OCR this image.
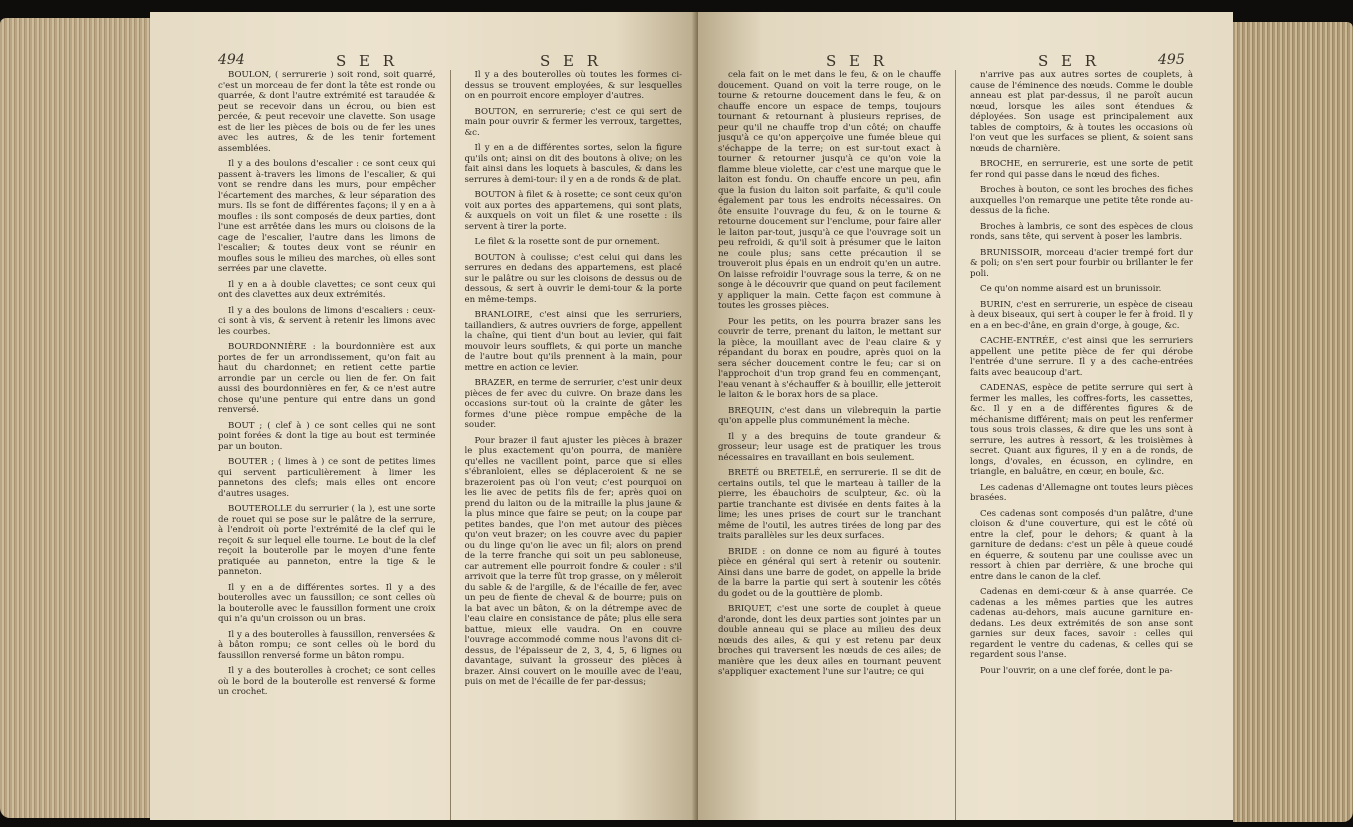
494	S E R	S E R

BOULON, ( serrurerie ) soit rond, soit quarré, c'est un morceau de fer dont la tête est ronde ou quarrée, & dont l'autre extrémité est taraudée & peut se recevoir dans un écrou, ou bien est percée, & peut recevoir une clavette. Son usage est de lier les pièces de bois ou de fer les unes avec les autres, & de les tenir fortement assemblées.

Il y a des boulons d'escalier : ce sont ceux qui passent à-travers les limons de l'escalier, & qui vont se rendre dans les murs, pour empêcher l'écartement des marches, & leur séparation des murs. Ils se font de différentes façons; il y en a à moufles : ils sont composés de deux parties, dont l'une est arrêtée dans les murs ou cloisons de la cage de l'escalier, l'autre dans les limons de l'escalier; & toutes deux vont se réunir en moufles sous le milieu des marches, où elles sont serrées par une clavette.

Il y en a à double clavettes; ce sont ceux qui ont des clavettes aux deux extrémités.

Il y a des boulons de limons d'escaliers : ceux-ci sont à vis, & servent à retenir les limons avec les courbes.

BOURDONNIÈRE : la bourdonnière est aux portes de fer un arrondissement, qu'on fait au haut du chardonnet; en retient cette partie arrondie par un cercle ou lien de fer. On fait aussi des bourdonnières en fer, & ce n'est autre chose qu'une penture qui entre dans un gond renversé.

BOUT ; ( clef à ) ce sont celles qui ne sont point forées & dont la tige au bout est terminée par un bouton.

BOUTER ; ( limes à ) ce sont de petites limes qui servent particulièrement à limer les pannetons des clefs; mais elles ont encore d'autres usages.

BOUTEROLLE du serrurier ( la ), est une sorte de rouet qui se pose sur le palâtre de la serrure, à l'endroit où porte l'extrémité de la clef qui le reçoit & sur lequel elle tourne. Le bout de la clef reçoit la bouterolle par le moyen d'une fente pratiquée au panneton, entre la tige & le panneton.

Il y en a de différentes sortes. Il y a des bouterolles avec un faussillon; ce sont celles où la bouterolle avec le faussillon forment une croix qui n'a qu'un croisson ou un bras.

Il y a des bouterolles à faussillon, renversées & à bâton rompu; ce sont celles où le bord du faussillon renversé forme un bâton rompu.

Il y a des bouterolles à crochet; ce sont celles où le bord de la bouterolle est renversé & forme un crochet.

Il y a des bouterolles où toutes les formes ci-dessus se trouvent employées, & sur lesquelles on en pourroit encore employer d'autres.

BOUTON, en serrurerie; c'est ce qui sert de main pour ouvrir & fermer les verroux, targettes, &c.

Il y en a de différentes sortes, selon la figure qu'ils ont; ainsi on dit des boutons à olive; on les fait ainsi dans les loquets à bascules, & dans les serrures à demi-tour: il y en a de ronds & de plat.

BOUTON à filet & à rosette; ce sont ceux qu'on voit aux portes des appartemens, qui sont plats, & auxquels on voit un filet & une rosette : ils servent à tirer la porte.

Le filet & la rosette sont de pur ornement.

BOUTON à coulisse; c'est celui qui dans les serrures en dedans des appartemens, est placé sur le palâtre ou sur les cloisons de dessus ou de dessous, & sert à ouvrir le demi-tour & la porte en même-temps.

BRANLOIRE, c'est ainsi que les serruriers, taillandiers, & autres ouvriers de forge, appellent la chaîne, qui tient d'un bout au levier, qui fait mouvoir leurs soufflets, & qui porte un manche de l'autre bout qu'ils prennent à la main, pour mettre en action ce levier.

BRAZER, en terme de serrurier, c'est unir deux pièces de fer avec du cuivre. On braze dans les occasions sur-tout où la crainte de gâter les formes d'une pièce rompue empêche de la souder.

Pour brazer il faut ajuster les pièces à brazer le plus exactement qu'on pourra, de manière qu'elles ne vacillent point, parce que si elles s'ébranloient, elles se déplaceroient & ne se brazeroient pas où l'on veut; c'est pourquoi on les lie avec de petits fils de fer; après quoi on prend du laiton ou de la mitraille la plus jaune & la plus mince que faire se peut; on la coupe par petites bandes, que l'on met autour des pièces qu'on veut brazer; on les couvre avec du papier ou du linge qu'on lie avec un fil; alors on prend de la terre franche qui soit un peu sabloneuse, car autrement elle pourroit fondre & couler : s'il arrivoit que la terre fût trop grasse, on y mêleroit du sable & de l'argille, & de l'écaille de fer, avec un peu de fiente de cheval & de bourre; puis on la bat avec un bâton, & on la détrempe avec de l'eau claire en consistance de pâte; plus elle sera battue, mieux elle vaudra. On en couvre l'ouvrage accommodé comme nous l'avons dit ci-dessus, de l'épaisseur de 2, 3, 4, 5, 6 lignes ou davantage, suivant la grosseur des pièces à brazer. Ainsi couvert on le mouille avec de l'eau, puis on met de l'écaille de fer par-dessus;

S E R	S E R	495

cela fait on le met dans le feu, & on le chauffe doucement. Quand on voit la terre rouge, on le tourne & retourne doucement dans le feu, & on chauffe encore un espace de temps, toujours tournant & retournant à plusieurs reprises, de peur qu'il ne chauffe trop d'un côté; on chauffe jusqu'à ce qu'on apperçoive une fumée bleue qui s'échappe de la terre; on est sur-tout exact à tourner & retourner jusqu'à ce qu'on voie la flamme bleue violette, car c'est une marque que le laiton est fondu. On chauffe encore un peu, afin que la fusion du laiton soit parfaite, & qu'il coule également par tous les endroits nécessaires. On ôte ensuite l'ouvrage du feu, & on le tourne & retourne doucement sur l'enclume, pour faire aller le laiton par-tout, jusqu'à ce que l'ouvrage soit un peu refroidi, & qu'il soit à présumer que le laiton ne coule plus; sans cette précaution il se trouveroit plus épais en un endroit qu'en un autre. On laisse refroidir l'ouvrage sous la terre, & on ne songe à le découvrir que quand on peut facilement y appliquer la main. Cette façon est commune à toutes les grosses pièces.

Pour les petits, on les pourra brazer sans les couvrir de terre, prenant du laiton, le mettant sur la pièce, la mouillant avec de l'eau claire & y répandant du borax en poudre, après quoi on la sera sécher doucement contre le feu; car si on l'approchoit d'un trop grand feu en commençant, l'eau venant à s'échauffer & à bouillir, elle jetteroit le laiton & le borax hors de sa place.

BREQUIN, c'est dans un vilebrequin la partie qu'on appelle plus communément la mèche.

Il y a des brequins de toute grandeur & grosseur; leur usage est de pratiquer les trous nécessaires en travaillant en bois seulement.

BRETÉ ou BRETELÉ, en serrurerie. Il se dit de certains outils, tel que le marteau à tailler de la pierre, les ébauchoirs de sculpteur, &c. où la partie tranchante est divisée en dents faites à la lime; les unes prises de court sur le tranchant même de l'outil, les autres tirées de long par des traits parallèles sur les deux surfaces.

BRIDE : on donne ce nom au figuré à toutes pièce en général qui sert à retenir ou soutenir. Ainsi dans une barre de godet, on appelle la bride de la barre la partie qui sert à soutenir les côtés du godet ou de la gouttière de plomb.

BRIQUET, c'est une sorte de couplet à queue d'aronde, dont les deux parties sont jointes par un double anneau qui se place au milieu des deux nœuds des ailes, & qui y est retenu par deux broches qui traversent les nœuds de ces ailes; de manière que les deux ailes en tournant peuvent s'appliquer exactement l'une sur l'autre; ce qui

n'arrive pas aux autres sortes de couplets, à cause de l'éminence des nœuds. Comme le double anneau est plat par-dessus, il ne paroît aucun nœud, lorsque les ailes sont étendues & déployées. Son usage est principalement aux tables de comptoirs, & à toutes les occasions où l'on veut que les surfaces se plient, & soient sans nœuds de charnière.

BROCHE, en serrurerie, est une sorte de petit fer rond qui passe dans le nœud des fiches.

Broches à bouton, ce sont les broches des fiches auxquelles l'on remarque une petite tête ronde au-dessus de la fiche.

Broches à lambris, ce sont des espèces de clous ronds, sans tête, qui servent à poser les lambris.

BRUNISSOIR, morceau d'acier trempé fort dur & poli; on s'en sert pour fourbir ou brillanter le fer poli.

Ce qu'on nomme aisard est un brunissoir.

BURIN, c'est en serrurerie, un espèce de ciseau à deux biseaux, qui sert à couper le fer à froid. Il y en a en bec-d'âne, en grain d'orge, à gouge, &c.

CACHE-ENTRÉE, c'est ainsi que les serruriers appellent une petite pièce de fer qui dérobe l'entrée d'une serrure. Il y a des cache-entrées faits avec beaucoup d'art.

CADENAS, espèce de petite serrure qui sert à fermer les malles, les coffres-forts, les cassettes, &c. Il y en a de différentes figures & de méchanisme différent; mais on peut les renfermer tous sous trois classes, & dire que les uns sont à serrure, les autres à ressort, & les troisièmes à secret. Quant aux figures, il y en a de ronds, de longs, d'ovales, en écusson, en cylindre, en triangle, en baluâtre, en cœur, en boule, &c.

Les cadenas d'Allemagne ont toutes leurs pièces brasées.

Ces cadenas sont composés d'un palâtre, d'une cloison & d'une couverture, qui est le côté où entre la clef, pour le dehors; & quant à la garniture de dedans: c'est un pêle à queue coudé en équerre, & soutenu par une coulisse avec un ressort à chien par derrière, & une broche qui entre dans le canon de la clef.

Cadenas en demi-cœur & à anse quarrée. Ce cadenas a les mêmes parties que les autres cadenas au-dehors, mais aucune garniture en-dedans. Les deux extrémités de son anse sont garnies sur deux faces, savoir : celles qui regardent le ventre du cadenas, & celles qui se regardent sous l'anse.

Pour l'ouvrir, on a une clef forée, dont le pa-
